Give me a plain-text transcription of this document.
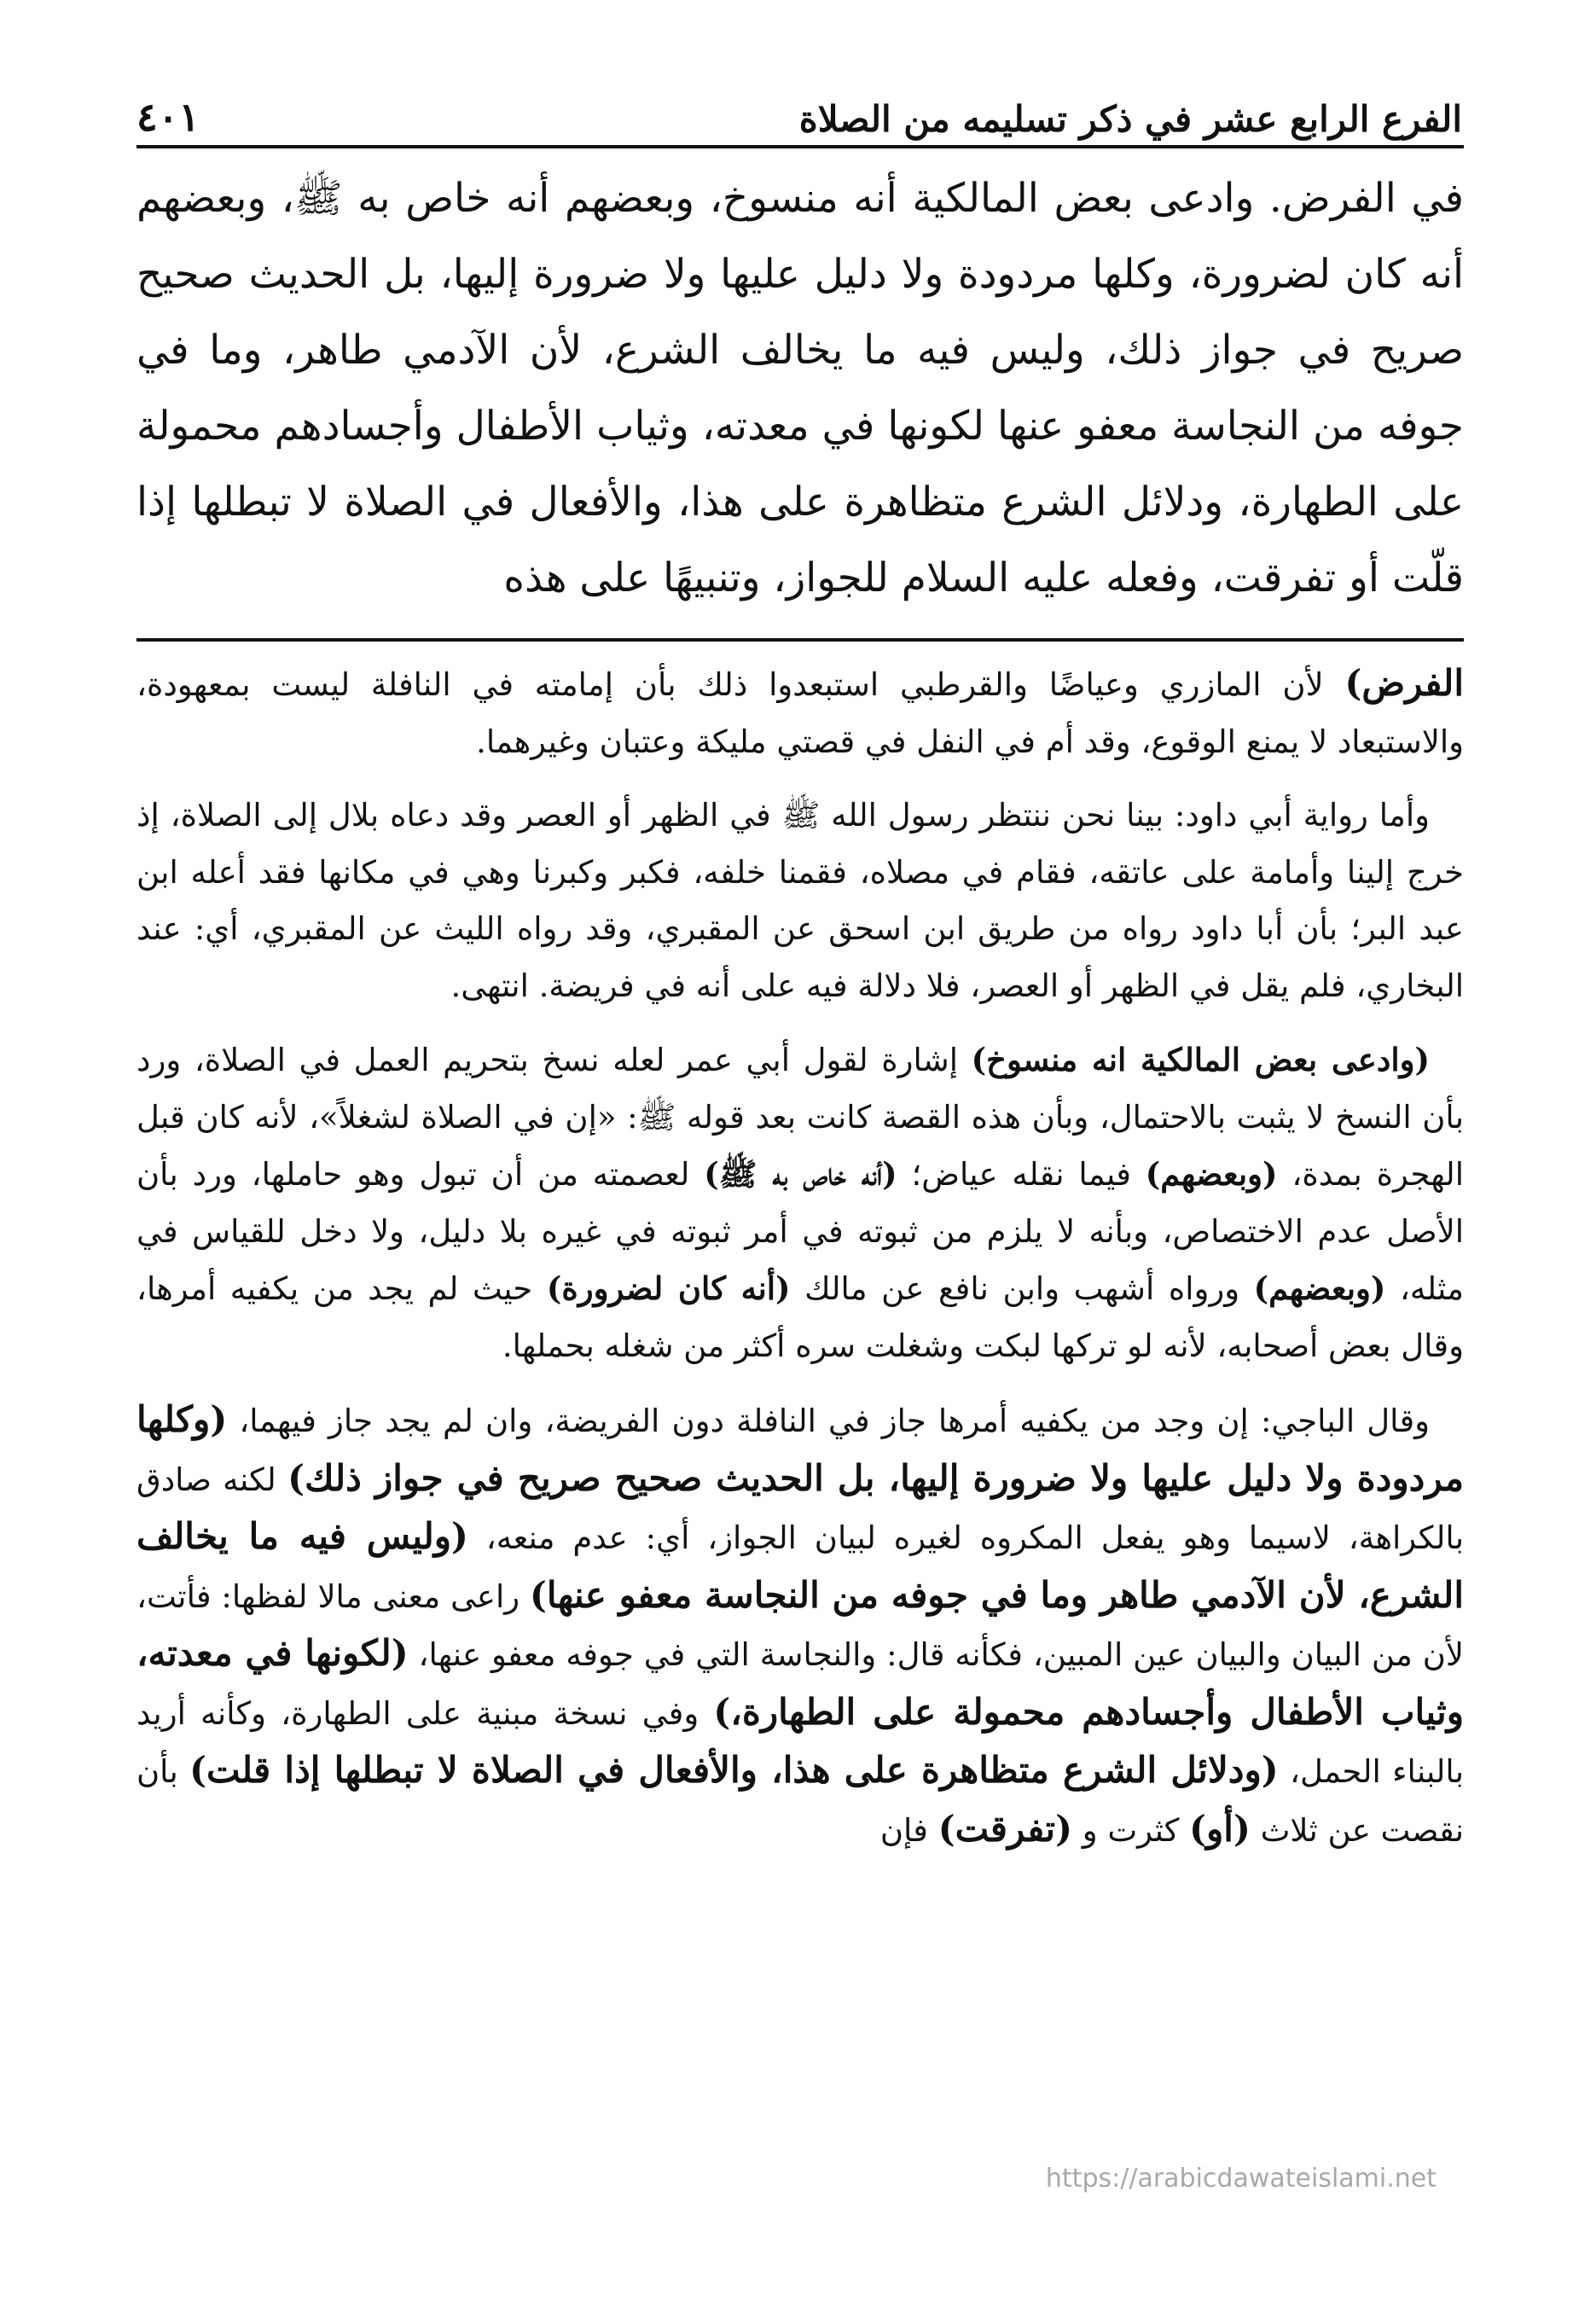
الفرع الرابع عشر في ذكر تسليمه من الصلاة
٤٠١

في الفرض. وادعى بعض المالكية أنه منسوخ، وبعضهم أنه خاص به ﷺ، وبعضهم أنه كان لضرورة، وكلها مردودة ولا دليل عليها ولا ضرورة إليها، بل الحديث صحيح صريح في جواز ذلك، وليس فيه ما يخالف الشرع، لأن الآدمي طاهر، وما في جوفه من النجاسة معفو عنها لكونها في معدته، وثياب الأطفال وأجسادهم محمولة على الطهارة، ودلائل الشرع متظاهرة على هذا، والأفعال في الصلاة لا تبطلها إذا قلّت أو تفرقت، وفعله عليه السلام للجواز، وتنبيهًا على هذه

الفرض) لأن المازري وعياضًا والقرطبي استبعدوا ذلك بأن إمامته في النافلة ليست بمعهودة، والاستبعاد لا يمنع الوقوع، وقد أم في النفل في قصتي مليكة وعتبان وغيرهما.

وأما رواية أبي داود: بينا نحن ننتظر رسول الله ﷺ في الظهر أو العصر وقد دعاه بلال إلى الصلاة، إذ خرج إلينا وأمامة على عاتقه، فقام في مصلاه، فقمنا خلفه، فكبر وكبرنا وهي في مكانها فقد أعله ابن عبد البر؛ بأن أبا داود رواه من طريق ابن اسحق عن المقبري، وقد رواه الليث عن المقبري، أي: عند البخاري، فلم يقل في الظهر أو العصر، فلا دلالة فيه على أنه في فريضة. انتهى.

(وادعى بعض المالكية انه منسوخ) إشارة لقول أبي عمر لعله نسخ بتحريم العمل في الصلاة، ورد بأن النسخ لا يثبت بالاحتمال، وبأن هذه القصة كانت بعد قوله ﷺ: «إن في الصلاة لشغلاً»، لأنه كان قبل الهجرة بمدة، (وبعضهم) فيما نقله عياض؛ (أنه خاص به ﷺ) لعصمته من أن تبول وهو حاملها، ورد بأن الأصل عدم الاختصاص، وبأنه لا يلزم من ثبوته في أمر ثبوته في غيره بلا دليل، ولا دخل للقياس في مثله، (وبعضهم) ورواه أشهب وابن نافع عن مالك (أنه كان لضرورة) حيث لم يجد من يكفيه أمرها، وقال بعض أصحابه، لأنه لو تركها لبكت وشغلت سره أكثر من شغله بحملها.

وقال الباجي: إن وجد من يكفيه أمرها جاز في النافلة دون الفريضة، وان لم يجد جاز فيهما، (وكلها مردودة ولا دليل عليها ولا ضرورة إليها، بل الحديث صحيح صريح في جواز ذلك) لكنه صادق بالكراهة، لاسيما وهو يفعل المكروه لغيره لبيان الجواز، أي: عدم منعه، (وليس فيه ما يخالف الشرع، لأن الآدمي طاهر وما في جوفه من النجاسة معفو عنها) راعى معنى مالا لفظها: فأتت، لأن من البيان والبيان عين المبين، فكأنه قال: والنجاسة التي في جوفه معفو عنها، (لكونها في معدته، وثياب الأطفال وأجسادهم محمولة على الطهارة،) وفي نسخة مبنية على الطهارة، وكأنه أريد بالبناء الحمل، (ودلائل الشرع متظاهرة على هذا، والأفعال في الصلاة لا تبطلها إذا قلت) بأن نقصت عن ثلاث (أو) كثرت و (تفرقت) فإن

https://arabicdawateislami.net
